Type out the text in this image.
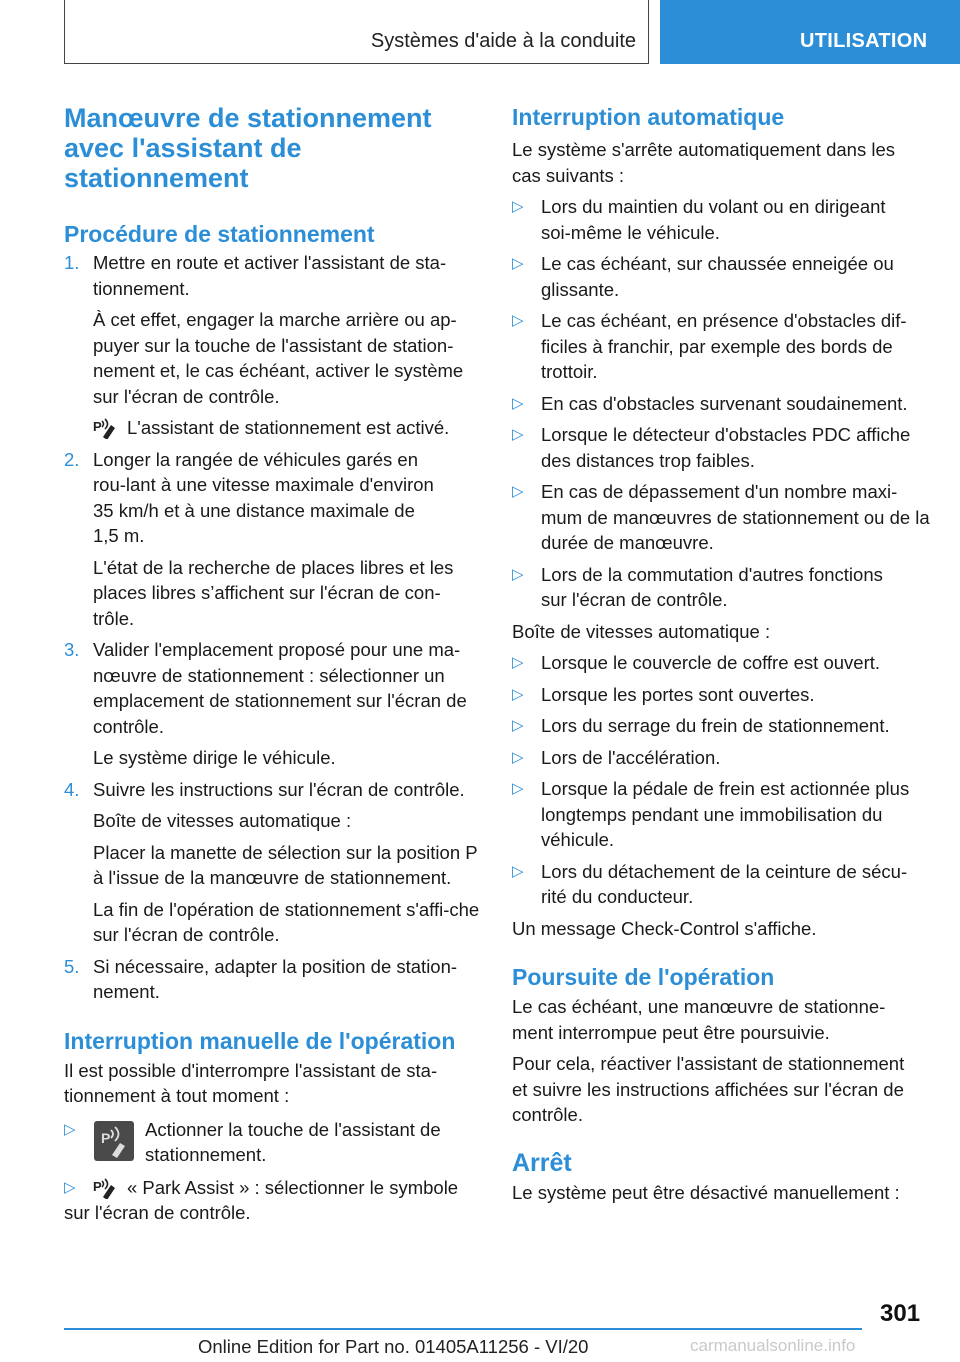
Systèmes d'aide à la conduite	UTILISATION
Manœuvre de stationnement avec l'assistant de stationnement
Procédure de stationnement
1. Mettre en route et activer l'assistant de sta-tionnement.

À cet effet, engager la marche arrière ou ap-puyer sur la touche de l'assistant de station-nement et, le cas échéant, activer le système sur l'écran de contrôle.

P L'assistant de stationnement est activé.

2. Longer la rangée de véhicules garés en rou-lant à une vitesse maximale d'environ 35 km/h et à une distance maximale de 1,5 m.

L'état de la recherche de places libres et les places libres s’affichent sur l'écran de con-trôle.

3. Valider l'emplacement proposé pour une ma-nœuvre de stationnement : sélectionner un emplacement de stationnement sur l'écran de contrôle.

Le système dirige le véhicule.

4. Suivre les instructions sur l'écran de contrôle.

Boîte de vitesses automatique :

Placer la manette de sélection sur la position P à l'issue de la manœuvre de stationnement.

La fin de l'opération de stationnement s'affi-che sur l'écran de contrôle.

5. Si nécessaire, adapter la position de station-nement.

Interruption manuelle de l'opération

Il est possible d'interrompre l'assistant de sta-tionnement à tout moment :

▷ P	Actionner la touche de l'assistant de stationnement.

▷ P	« Park Assist » : sélectionner le symbole sur l'écran de contrôle.

Interruption automatique

Le système s'arrête automatiquement dans les cas suivants :

▷ Lors du maintien du volant ou en dirigeant soi-même le véhicule.

▷ Le cas échéant, sur chaussée enneigée ou glissante.

▷ Le cas échéant, en présence d'obstacles dif-ficiles à franchir, par exemple des bords de trottoir.

▷ En cas d'obstacles survenant soudainement.

▷ Lorsque le détecteur d'obstacles PDC affiche des distances trop faibles.

▷ En cas de dépassement d'un nombre maxi-mum de manœuvres de stationnement ou de la durée de manœuvre.

▷ Lors de la commutation d'autres fonctions sur l'écran de contrôle.

Boîte de vitesses automatique :

▷ Lorsque le couvercle de coffre est ouvert.

▷ Lorsque les portes sont ouvertes.

▷ Lors du serrage du frein de stationnement.

▷ Lors de l'accélération.

▷ Lorsque la pédale de frein est actionnée plus longtemps pendant une immobilisation du véhicule.

▷ Lors du détachement de la ceinture de sécu-rité du conducteur.

Un message Check-Control s'affiche.

Poursuite de l'opération

Le cas échéant, une manœuvre de stationne-ment interrompue peut être poursuivie.

Pour cela, réactiver l'assistant de stationnement et suivre les instructions affichées sur l'écran de contrôle.

Arrêt

Le système peut être désactivé manuellement :

301
Online Edition for Part no. 01405A11256 - VI/20	carmanualsonline.info
